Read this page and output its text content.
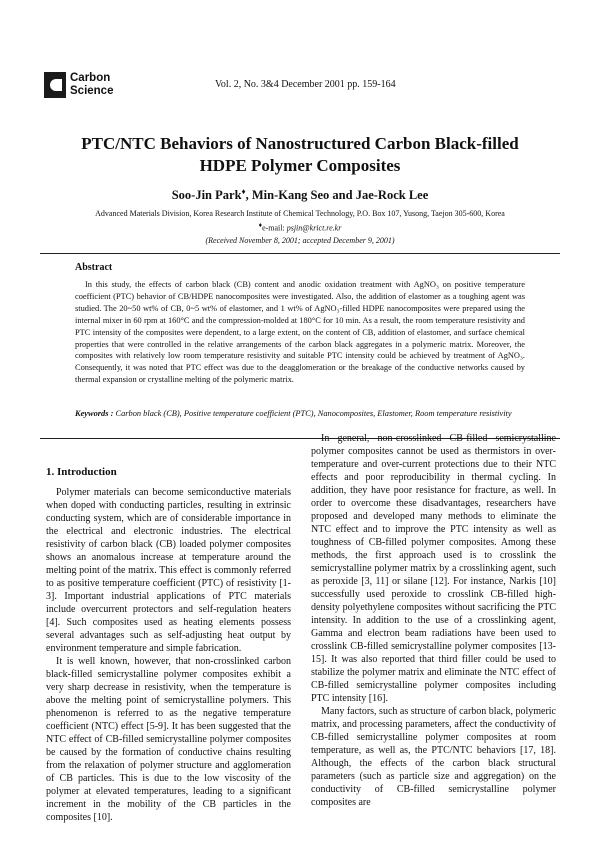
Carbon
Science
Vol. 2, No. 3&4 December 2001 pp. 159-164
PTC/NTC Behaviors of Nanostructured Carbon Black-filled
HDPE Polymer Composites
Soo-Jin Park♦, Min-Kang Seo and Jae-Rock Lee
Advanced Materials Division, Korea Research Institute of Chemical Technology, P.O. Box 107, Yusong, Taejon 305-600, Korea
♦e-mail: psjin@krict.re.kr
(Received November 8, 2001; accepted December 9, 2001)
Abstract
In this study, the effects of carbon black (CB) content and anodic oxidation treatment with AgNO₃ on positive temperature coefficient (PTC) behavior of CB/HDPE nanocomposites were investigated. Also, the addition of elastomer as a toughing agent was studied. The 20~50 wt% of CB, 0~5 wt% of elastomer, and 1 wt% of AgNO₃-filled HDPE nanocomposites were prepared using the internal mixer in 60 rpm at 160°C and the compression-molded at 180°C for 10 min. As a result, the room temperature resistivity and PTC intensity of the composites were dependent, to a large extent, on the content of CB, addition of elastomer, and surface chemical properties that were controlled in the relative arrangements of the carbon black aggregates in a polymeric matrix. Moreover, the composites with relatively low room temperature resistivity and suitable PTC intensity could be achieved by treatment of AgNO₃. Consequently, it was noted that PTC effect was due to the deagglomeration or the breakage of the conductive networks caused by thermal expansion or crystalline melting of the polymeric matrix.
Keywords : Carbon black (CB), Positive temperature coefficient (PTC), Nanocomposites, Elastomer, Room temperature resistivity
1. Introduction

Polymer materials can become semiconductive materials when doped with conducting particles, resulting in extrinsic conducting system, which are of considerable importance in the electrical and electronic industries. The electrical resistivity of carbon black (CB) loaded polymer composites shows an anomalous increase at temperature around the melting point of the matrix. This effect is commonly referred to as positive temperature coefficient (PTC) of resistivity [1-3]. Important industrial applications of PTC materials include overcurrent protectors and self-regulation heaters [4]. Such composites used as heating elements possess several advantages such as self-adjusting heat output by environment temperature and simple fabrication.

It is well known, however, that non-crosslinked carbon black-filled semicrystalline polymer composites exhibit a very sharp decrease in resistivity, when the temperature is above the melting point of semicrystalline polymers. This phenomenon is referred to as the negative temperature coefficient (NTC) effect [5-9]. It has been suggested that the NTC effect of CB-filled semicrystalline polymer composites be caused by the formation of conductive chains resulting from the relaxation of polymer structure and agglomeration of CB particles. This is due to the low viscosity of the polymer at elevated temperatures, leading to a significant increment in the mobility of the CB particles in the composites [10].

In general, non-crosslinked CB-filled semicrystalline polymer composites cannot be used as thermistors in over-temperature and over-current protections due to their NTC effects and poor reproducibility in thermal cycling. In addition, they have poor resistance for fracture, as well. In order to overcome these disadvantages, researchers have proposed and developed many methods to eliminate the NTC effect and to improve the PTC intensity as well as toughness of CB-filled polymer composites. Among these methods, the first approach used is to crosslink the semicrystalline polymer matrix by a crosslinking agent, such as peroxide [3, 11] or silane [12]. For instance, Narkis [10] successfully used peroxide to crosslink CB-filled high-density polyethylene composites without sacrificing the PTC intensity. In addition to the use of a crosslinking agent, Gamma and electron beam radiations have been used to crosslink CB-filled semicrystalline polymer composites [13-15]. It was also reported that third filler could be used to stabilize the polymer matrix and eliminate the NTC effect of CB-filled semicrystalline polymer composites including PTC intensity [16].

Many factors, such as structure of carbon black, polymeric matrix, and processing parameters, affect the conductivity of CB-filled semicrystalline polymer composites at room temperature, as well as, the PTC/NTC behaviors [17, 18]. Although, the effects of the carbon black structural parameters (such as particle size and aggregation) on the conductivity of CB-filled semicrystalline polymer composites are
